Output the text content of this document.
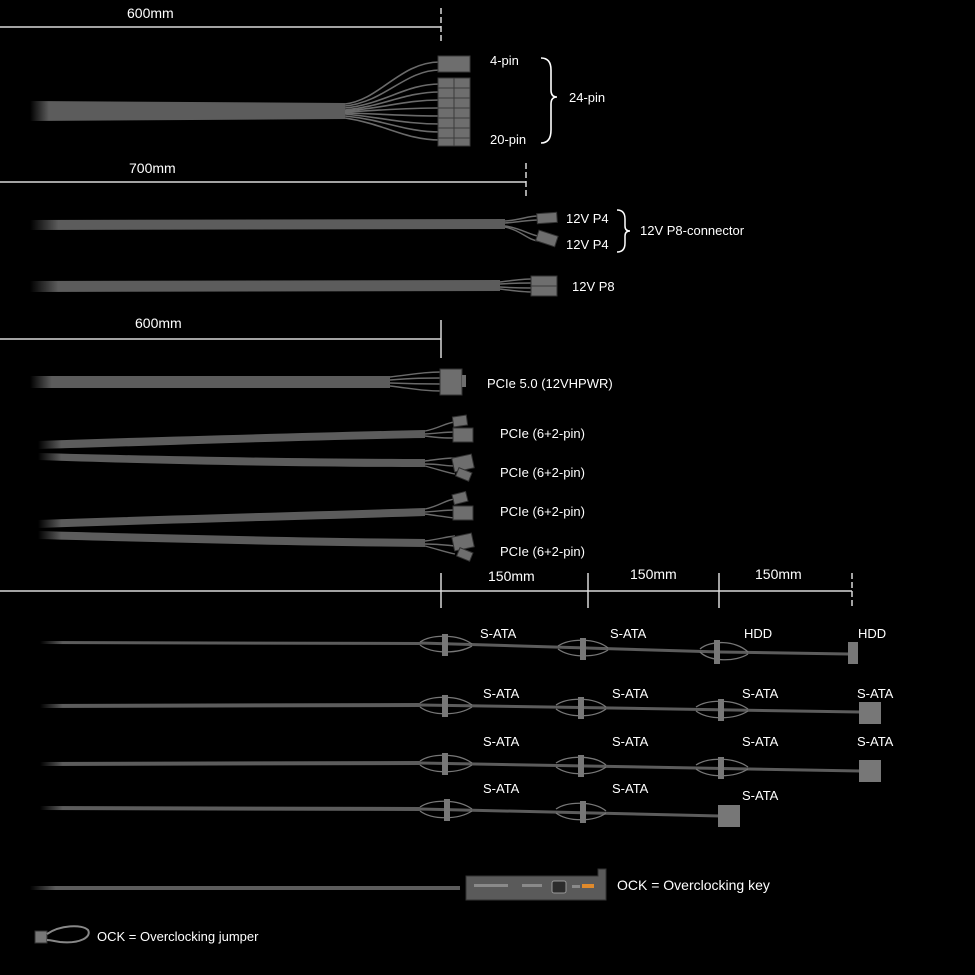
600mm
4-pin
24-pin
20-pin
700mm
12V P4
12V P4
12V P8-connector
12V P8
600mm
PCIe 5.0 (12VHPWR)
PCIe (6+2-pin)
PCIe (6+2-pin)
PCIe (6+2-pin)
PCIe (6+2-pin)
150mm	150mm	150mm
S-ATA	S-ATA	HDD	HDD
S-ATA	S-ATA	S-ATA	S-ATA
S-ATA	S-ATA	S-ATA	S-ATA
S-ATA	S-ATA	S-ATA
OCK = Overclocking key
OCK = Overclocking jumper
